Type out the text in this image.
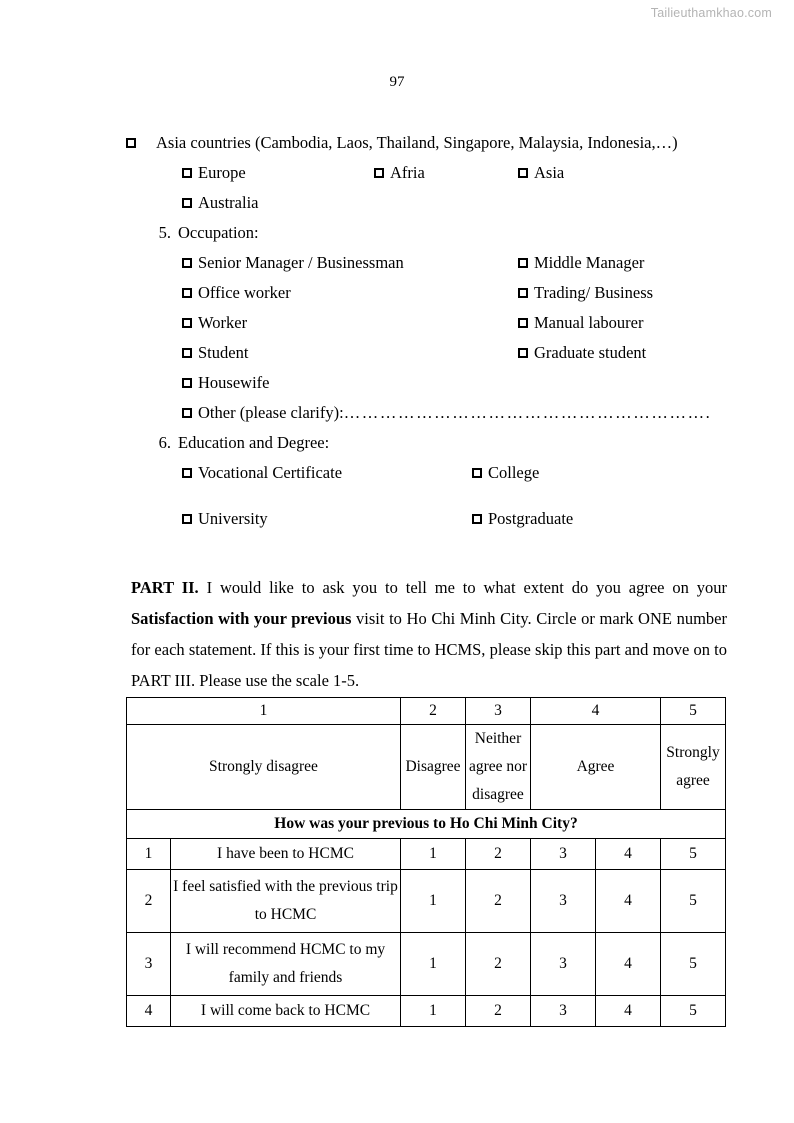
Tailieuthamkhao.com
97
Asia countries (Cambodia, Laos, Thailand, Singapore, Malaysia, Indonesia,…)
Europe	Afria	Asia
Australia
5. Occupation:
Senior Manager / Businessman	Middle Manager
Office worker	Trading/ Business
Worker	Manual labourer
Student	Graduate student
Housewife
Other (please clarify):…………………………………………………….
6. Education and Degree:
Vocational Certificate	College
University	Postgraduate
PART II. I would like to ask you to tell me to what extent do you agree on your Satisfaction with your previous visit to Ho Chi Minh City. Circle or mark ONE number for each statement. If this is your first time to HCMS, please skip this part and move on to PART III. Please use the scale 1-5.
1		2	3	4		5
Strongly disagree		Disagree	Neither agree nor disagree	Agree		Strongly agree
How was your previous to Ho Chi Minh City?						
1	I have been to HCMC	1	2	3	4	5
2	I feel satisfied with the previous trip to HCMC	1	2	3	4	5
3	I will recommend HCMC to my family and friends	1	2	3	4	5
4	I will come back to HCMC	1	2	3	4	5
